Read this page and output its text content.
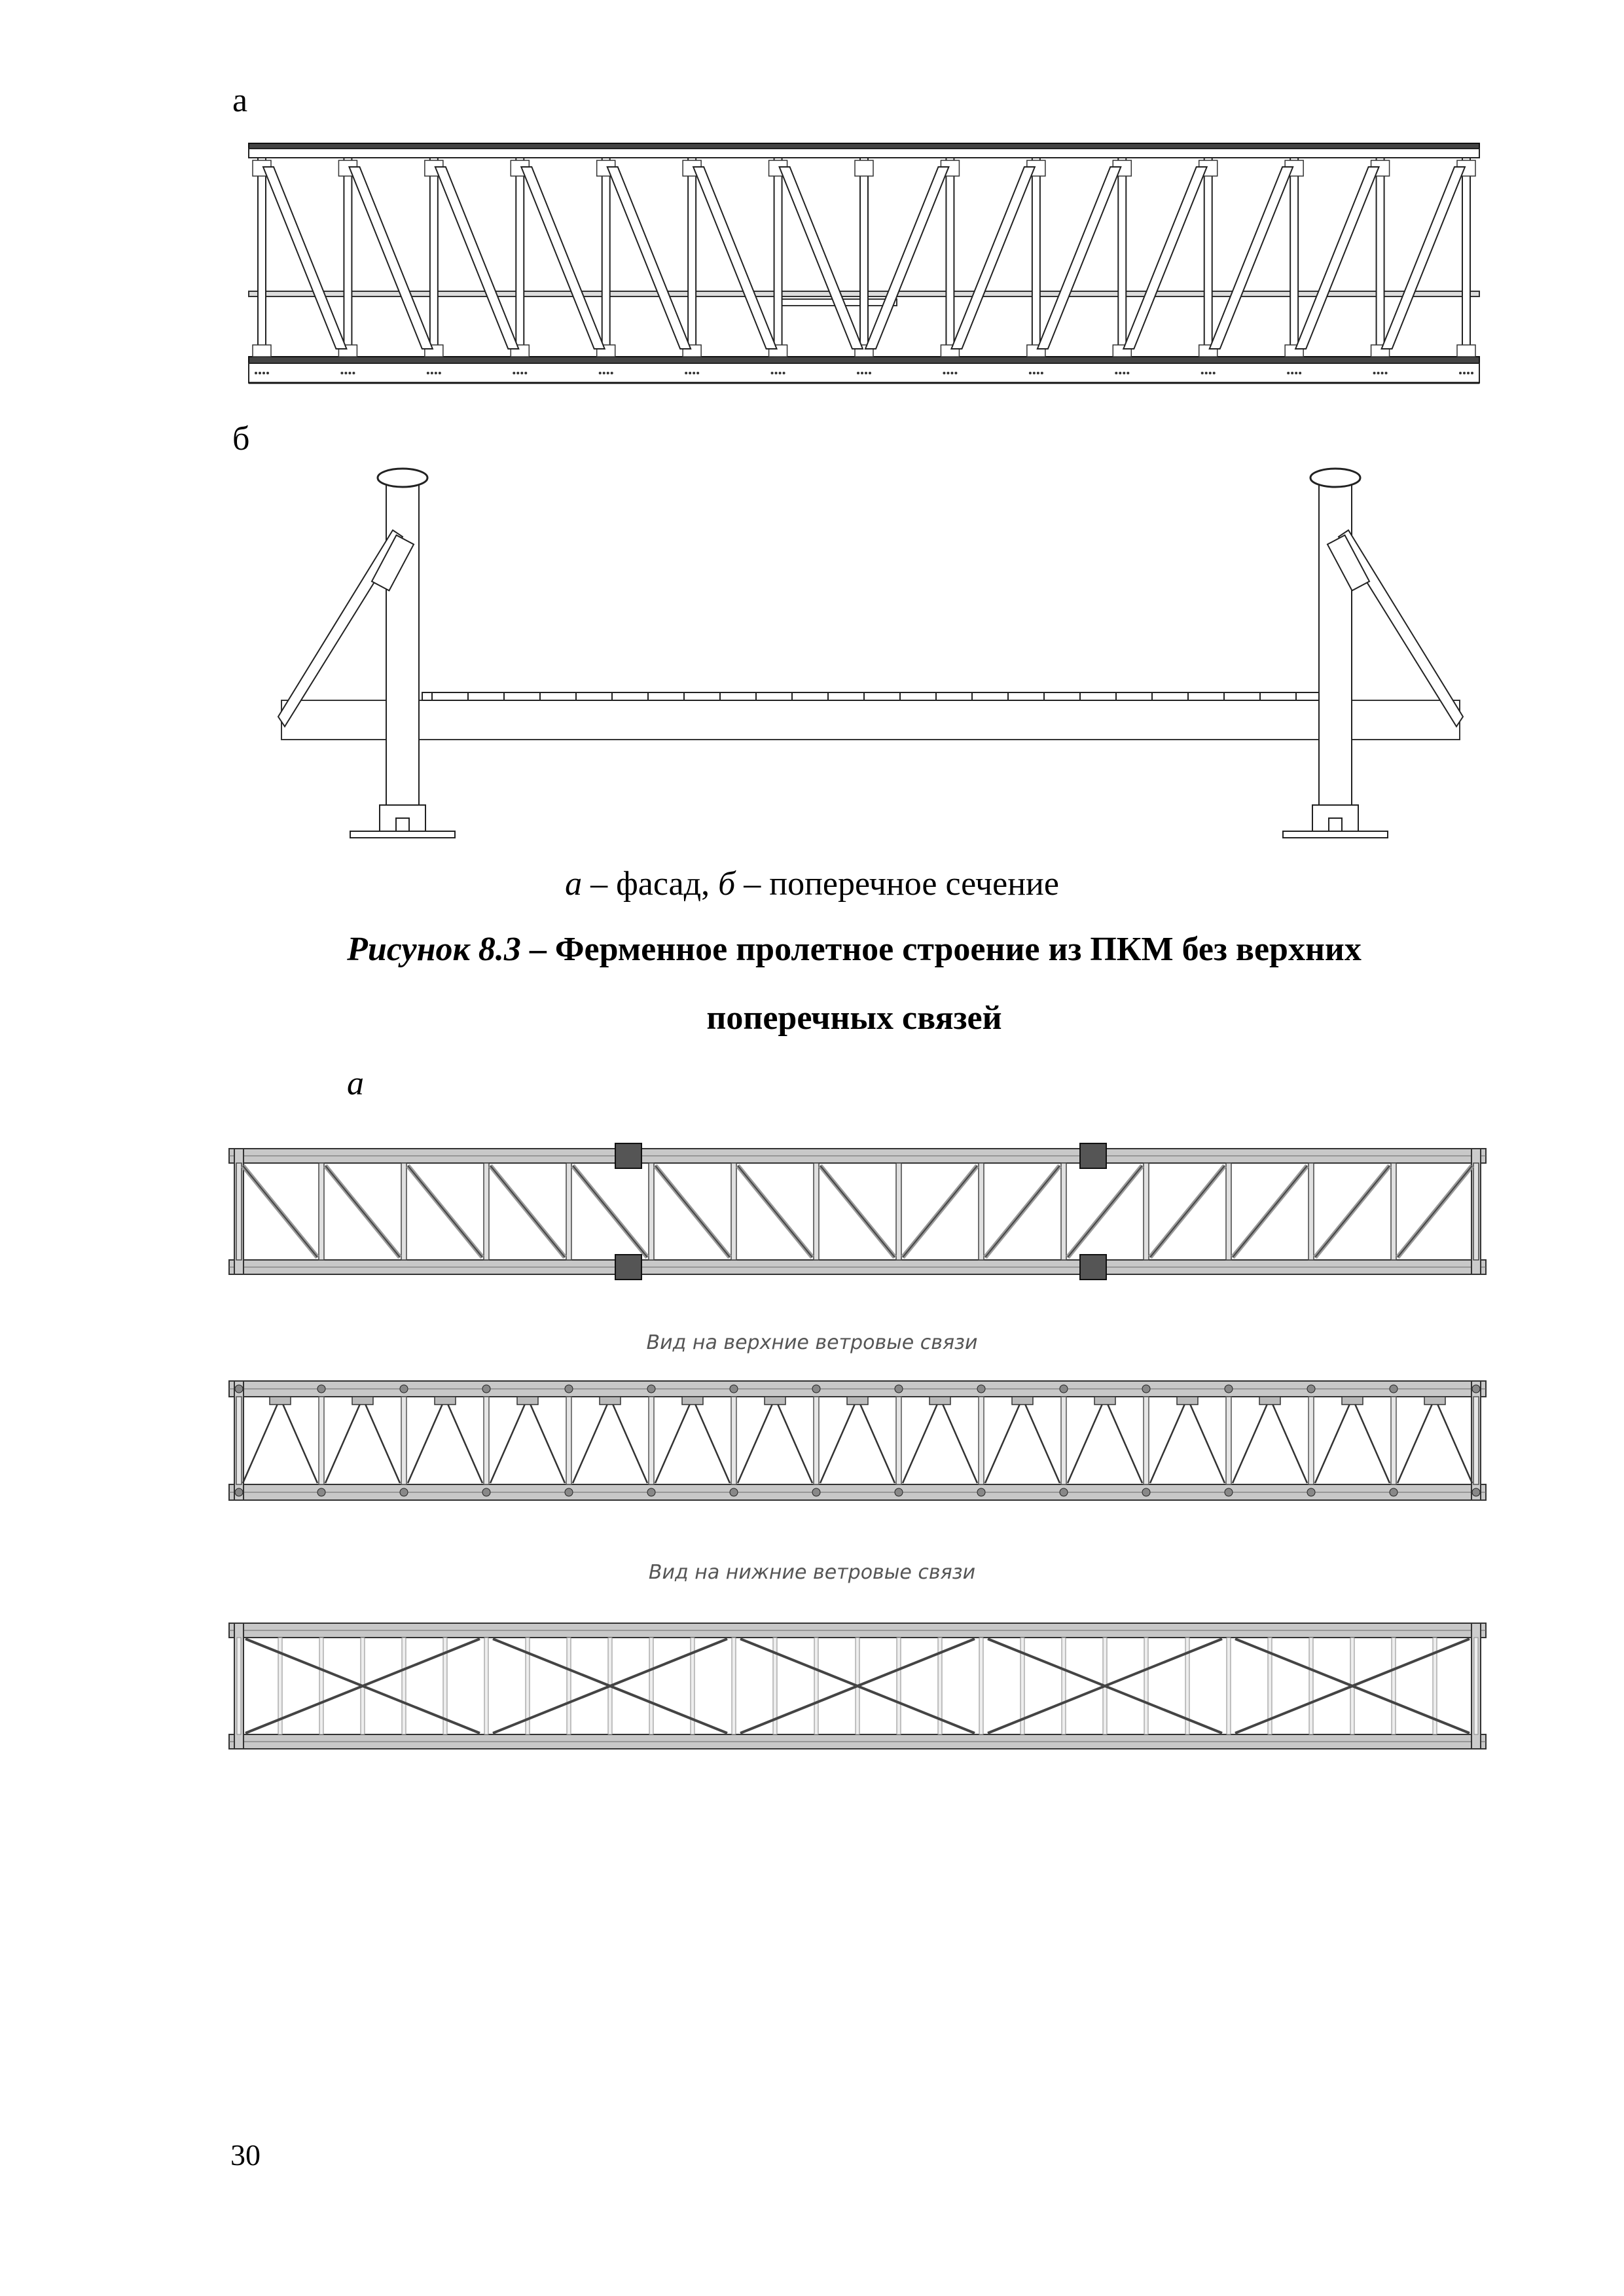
а
б
а – фасад, б – поперечное сечение
Рисунок 8.3 – Ферменное пролетное строение из ПКМ без верхних
поперечных связей
а
Вид на верхние ветровые связи
Вид на нижние ветровые связи
30
